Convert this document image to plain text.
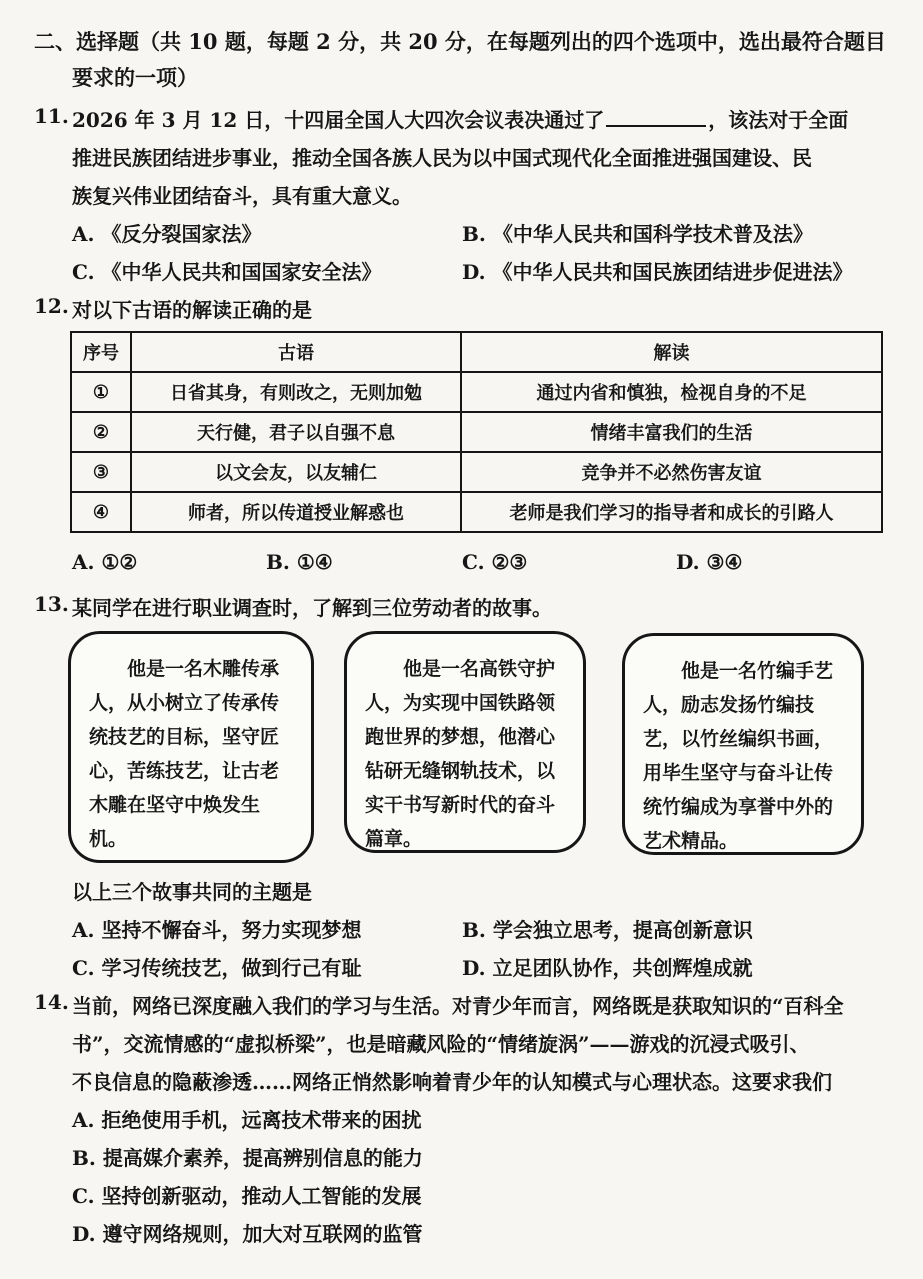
二、选择题（共 10 题，每题 2 分，共 20 分，在每题列出的四个选项中，选出最符合题目
要求的一项）
11. 2026 年 3 月 12 日，十四届全国人大四次会议表决通过了	，该法对于全面
推进民族团结进步事业，推动全国各族人民为以中国式现代化全面推进强国建设、民
族复兴伟业团结奋斗，具有重大意义。
A. 《反分裂国家法》	B. 《中华人民共和国科学技术普及法》
C. 《中华人民共和国国家安全法》	D. 《中华人民共和国民族团结进步促进法》
12. 对以下古语的解读正确的是
序号	古语	解读
①	日省其身，有则改之，无则加勉	通过内省和慎独，检视自身的不足
②	天行健，君子以自强不息	情绪丰富我们的生活
③	以文会友，以友辅仁	竞争并不必然伤害友谊
④	师者，所以传道授业解惑也	老师是我们学习的指导者和成长的引路人
A. ①②	B. ①④	C. ②③	D. ③④
13. 某同学在进行职业调查时，了解到三位劳动者的故事。

他是一名木雕传承人，从小树立了传承传统技艺的目标，坚守匠心，苦练技艺，让古老木雕在坚守中焕发生机。

他是一名高铁守护人，为实现中国铁路领跑世界的梦想，他潜心钻研无缝钢轨技术，以实干书写新时代的奋斗篇章。

他是一名竹编手艺人，励志发扬竹编技艺，以竹丝编织书画，用毕生坚守与奋斗让传统竹编成为享誉中外的艺术精品。

以上三个故事共同的主题是
A. 坚持不懈奋斗，努力实现梦想	B. 学会独立思考，提高创新意识
C. 学习传统技艺，做到行己有耻	D. 立足团队协作，共创辉煌成就
14. 当前，网络已深度融入我们的学习与生活。对青少年而言，网络既是获取知识的“百科全
书”，交流情感的“虚拟桥梁”，也是暗藏风险的“情绪旋涡”——游戏的沉浸式吸引、
不良信息的隐蔽渗透……网络正悄然影响着青少年的认知模式与心理状态。这要求我们
A. 拒绝使用手机，远离技术带来的困扰
B. 提高媒介素养，提高辨别信息的能力
C. 坚持创新驱动，推动人工智能的发展
D. 遵守网络规则，加大对互联网的监管
